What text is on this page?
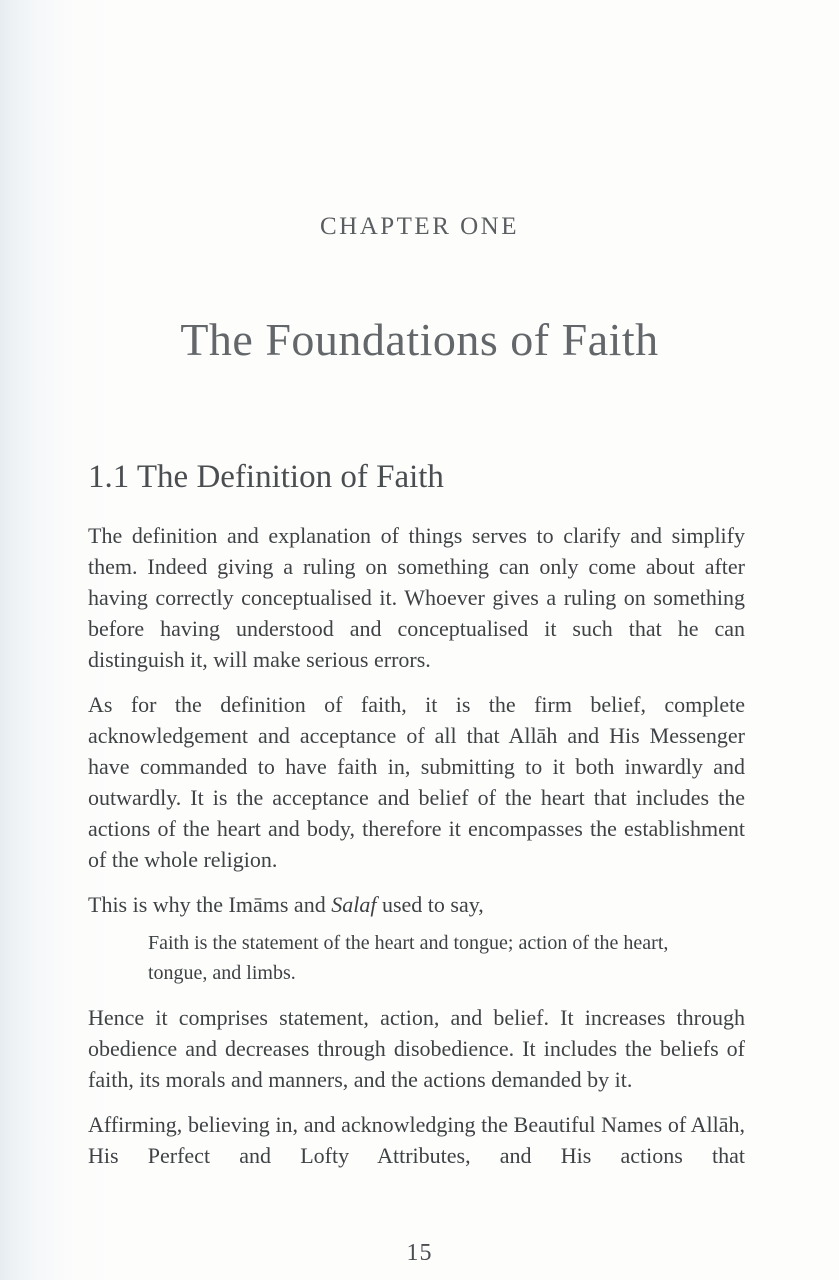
CHAPTER ONE
The Foundations of Faith
1.1 The Definition of Faith

The definition and explanation of things serves to clarify and simplify them. Indeed giving a ruling on something can only come about after having correctly conceptualised it. Whoever gives a ruling on something before having understood and conceptualised it such that he can distinguish it, will make serious errors.

As for the definition of faith, it is the firm belief, complete acknowledgement and acceptance of all that Allāh and His Messenger have commanded to have faith in, submitting to it both inwardly and outwardly. It is the acceptance and belief of the heart that includes the actions of the heart and body, therefore it encompasses the establishment of the whole religion.

This is why the Imāms and Salaf used to say,

Faith is the statement of the heart and tongue; action of the heart, tongue, and limbs.

Hence it comprises statement, action, and belief. It increases through obedience and decreases through disobedience. It includes the beliefs of faith, its morals and manners, and the actions demanded by it.

Affirming, believing in, and acknowledging the Beautiful Names of Allāh, His Perfect and Lofty Attributes, and His actions that

15
